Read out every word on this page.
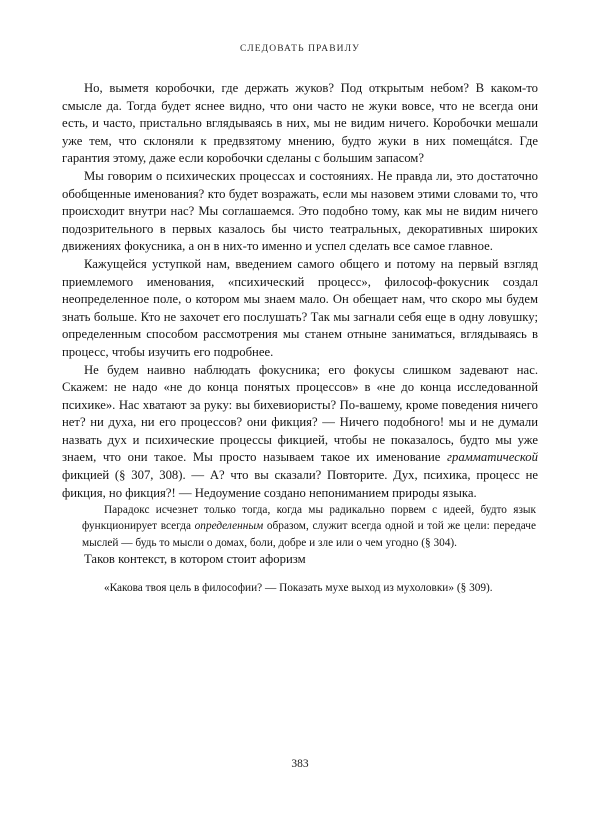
СЛЕДОВАТЬ ПРАВИЛУ

Но, выметя коробочки, где держать жуков? Под открытым небом? В каком-то смысле да. Тогда будет яснее видно, что они часто не жуки вовсе, что не всегда они есть, и часто, пристально вглядываясь в них, мы не видим ничего. Коробочки мешали уже тем, что склоняли к предвзятому мнению, будто жуки в них помещátся. Где гарантия этому, даже если коробочки сделаны с большим запасом?

Мы говорим о психических процессах и состояниях. Не правда ли, это достаточно обобщенные именования? кто будет возражать, если мы назовем этими словами то, что происходит внутри нас? Мы соглашаемся. Это подобно тому, как мы не видим ничего подозрительного в первых казалось бы чисто театральных, декоративных широких движениях фокусника, а он в них-то именно и успел сделать все самое главное.

Кажущейся уступкой нам, введением самого общего и потому на первый взгляд приемлемого именования, «психический процесс», философ-фокусник создал неопределенное поле, о котором мы знаем мало. Он обещает нам, что скоро мы будем знать больше. Кто не захочет его послушать? Так мы загнали себя еще в одну ловушку; определенным способом рассмотрения мы станем отныне заниматься, вглядываясь в процесс, чтобы изучить его подробнее.

Не будем наивно наблюдать фокусника; его фокусы слишком задевают нас. Скажем: не надо «не до конца понятых процессов» в «не до конца исследованной психике». Нас хватают за руку: вы бихевиористы? По-вашему, кроме поведения ничего нет? ни духа, ни его процессов? они фикция? — Ничего подобного! мы и не думали назвать дух и психические процессы фикцией, чтобы не показалось, будто мы уже знаем, что они такое. Мы просто называем такое их именование грамматической фикцией (§ 307, 308). — А? что вы сказали? Повторите. Дух, психика, процесс не фикция, но фикция?! — Недоумение создано непониманием природы языка.

Парадокс исчезнет только тогда, когда мы радикально порвем с идеей, будто язык функционирует всегда определенным образом, служит всегда одной и той же цели: передаче мыслей — будь то мысли о домах, боли, добре и зле или о чем угодно (§ 304).

Таков контекст, в котором стоит афоризм

«Какова твоя цель в философии? — Показать мухе выход из мухоловки» (§ 309).

383
